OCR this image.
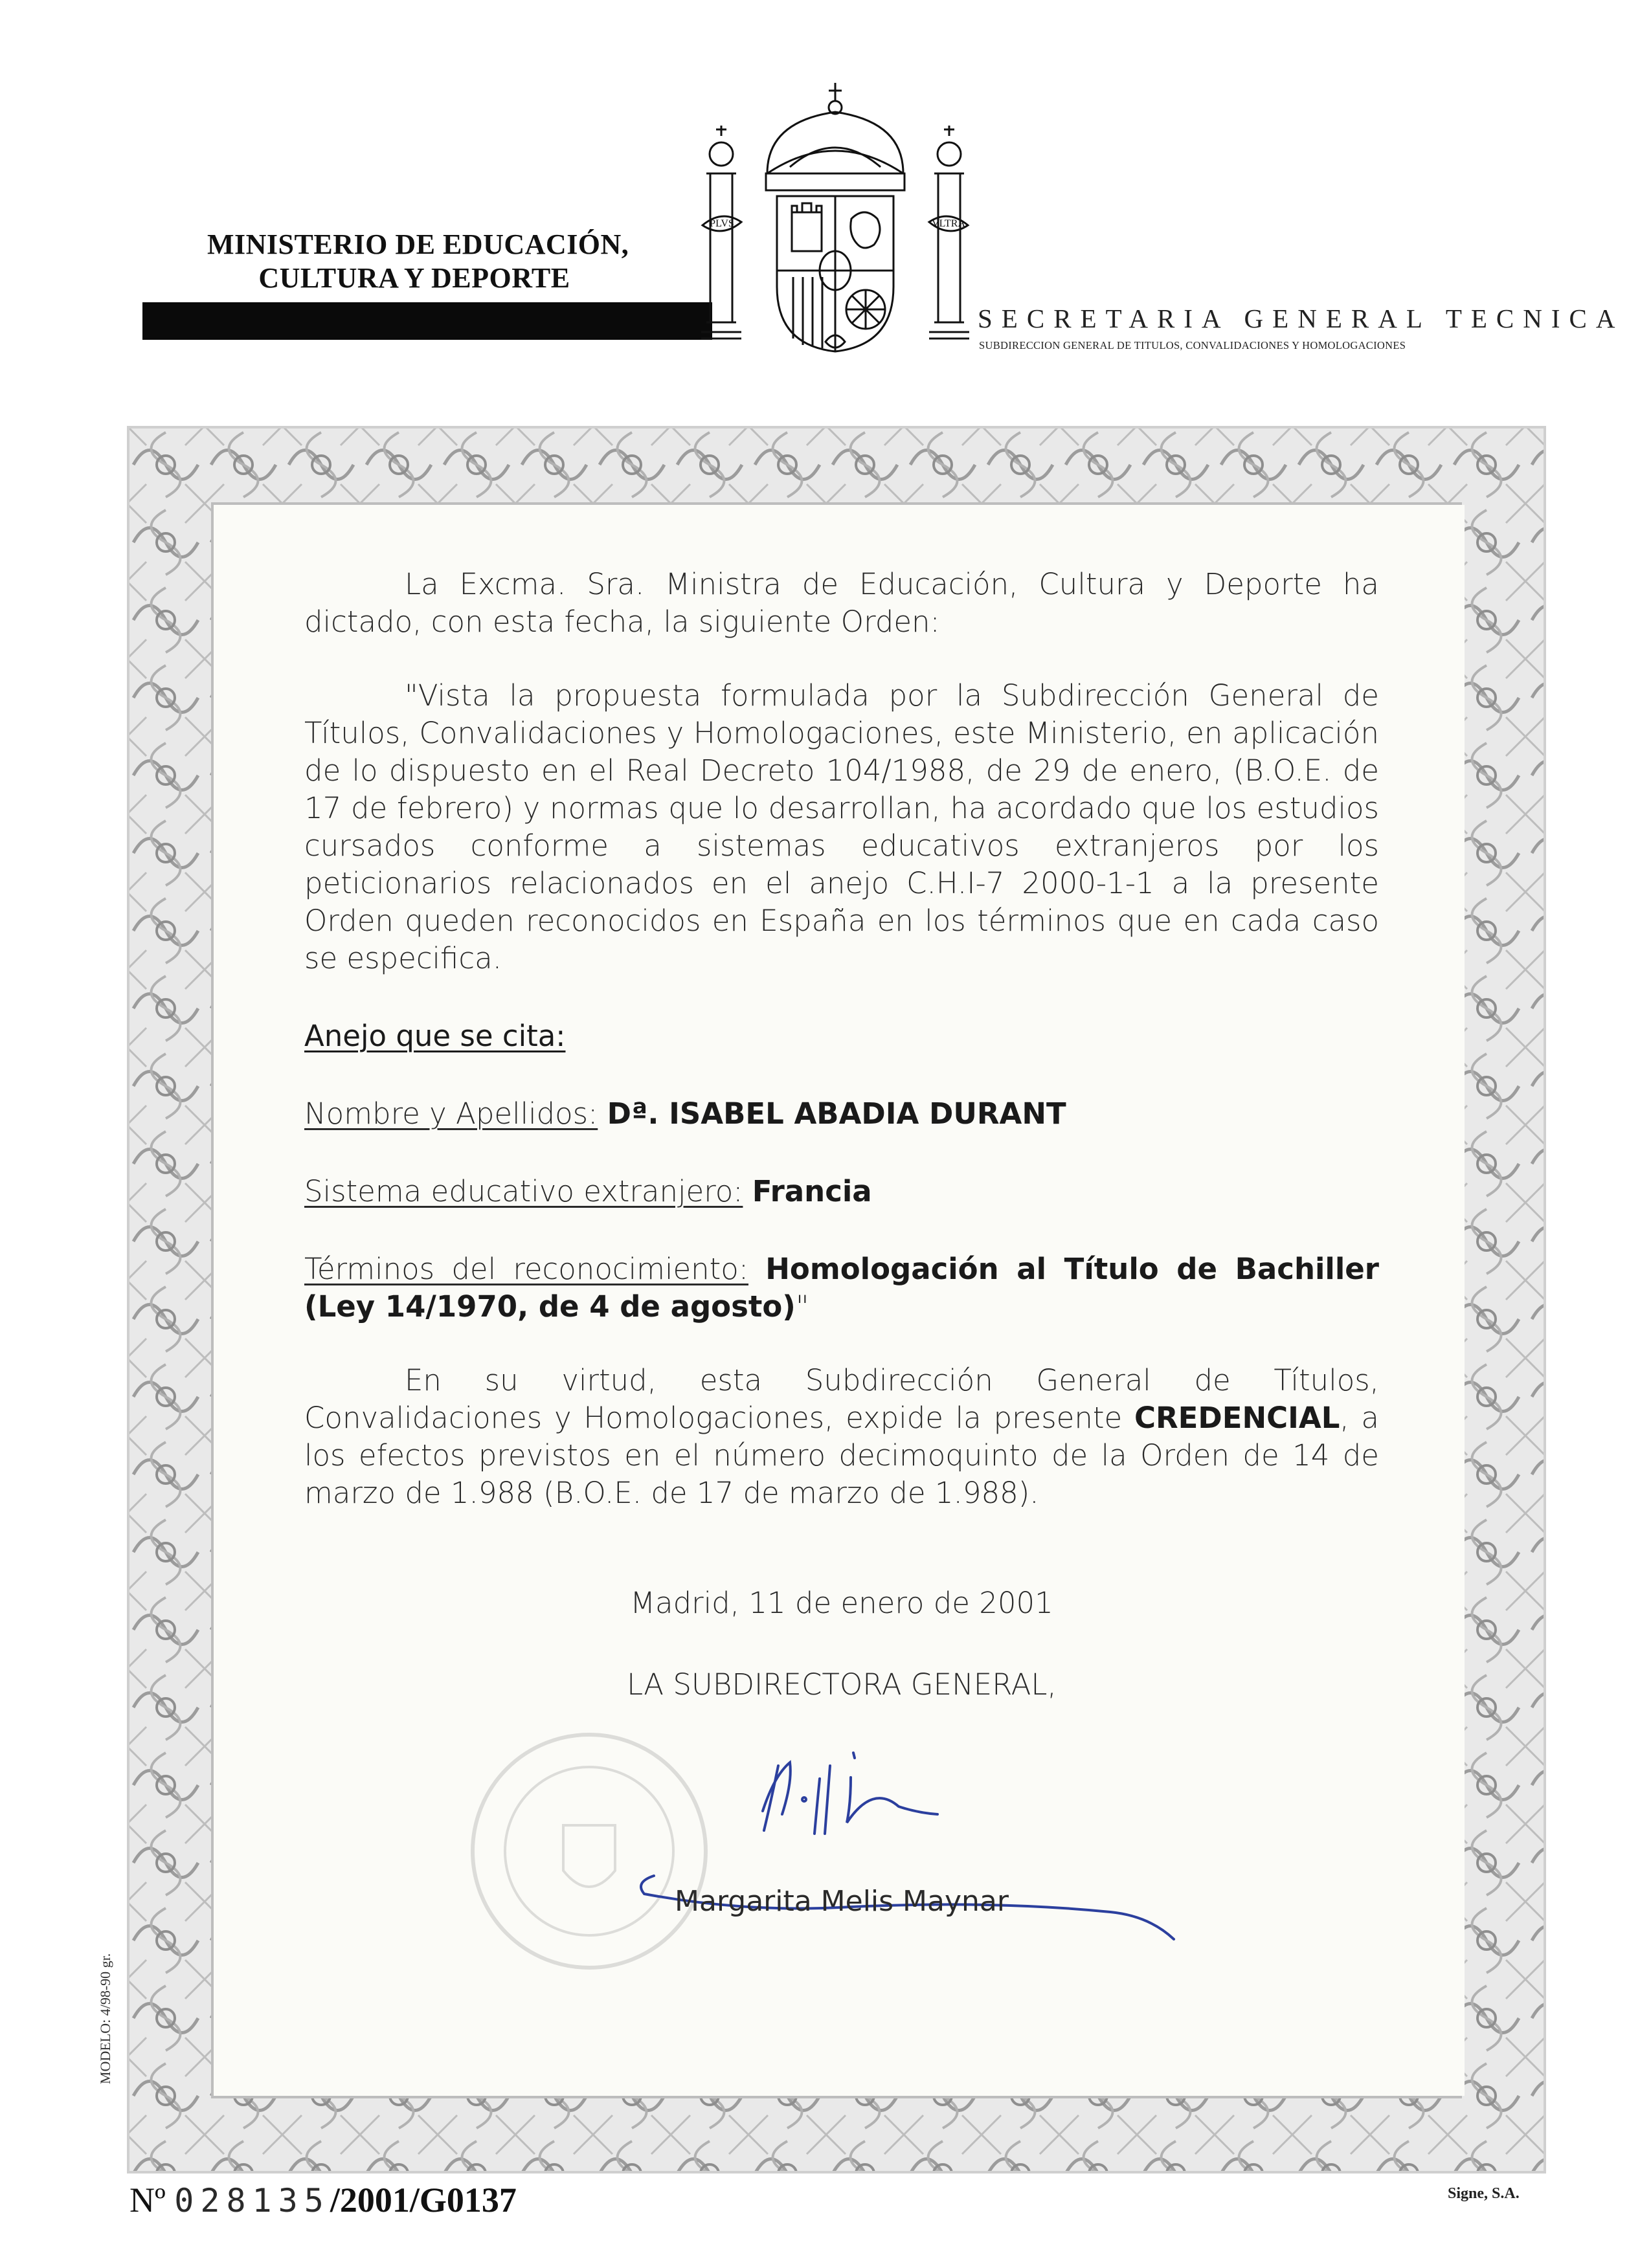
MINISTERIO DE EDUCACIÓN,
CULTURA Y DEPORTE
PLVS	VLTRA
SECRETARIA GENERAL TECNICA
SUBDIRECCION GENERAL DE TITULOS, CONVALIDACIONES Y HOMOLOGACIONES

La Excma. Sra. Ministra de Educación, Cultura y Deporte ha dictado, con esta fecha, la siguiente Orden:

"Vista la propuesta formulada por la Subdirección General de Títulos, Convalidaciones y Homologaciones, este Ministerio, en aplicación de lo dispuesto en el Real Decreto 104/1988, de 29 de enero, (B.O.E. de 17 de febrero) y normas que lo desarrollan, ha acordado que los estudios cursados conforme a sistemas educativos extranjeros por los peticionarios relacionados en el anejo C.H.I-7 2000-1-1 a la presente Orden queden reconocidos en España en los términos que en cada caso se especifica.

Anejo que se cita:

Nombre y Apellidos: Dª. ISABEL ABADIA DURANT

Sistema educativo extranjero: Francia

Términos del reconocimiento: Homologación al Título de Bachiller (Ley 14/1970, de 4 de agosto)"

En su virtud, esta Subdirección General de Títulos, Convalidaciones y Homologaciones, expide la presente CREDENCIAL, a los efectos previstos en el número decimoquinto de la Orden de 14 de marzo de 1.988 (B.O.E. de 17 de marzo de 1.988).

Madrid, 11 de enero de 2001

LA SUBDIRECTORA GENERAL,

Margarita Melis Maynar
MODELO: 4/98-90 gr.
Nº 028135/2001/G0137	Signe, S.A.
